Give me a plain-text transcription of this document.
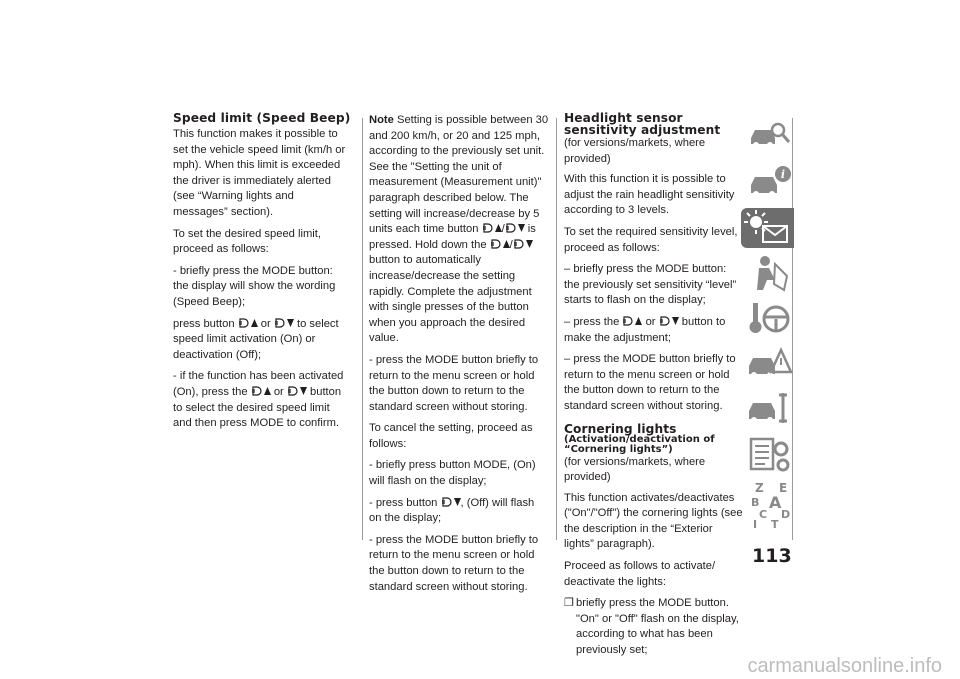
Speed limit (Speed Beep)

This function makes it possible to set the vehicle speed limit (km/h or mph). When this limit is exceeded the driver is immediately alerted (see “Warning lights and messages” section).

To set the desired speed limit, proceed as follows:

- briefly press the MODE button: the display will show the wording (Speed Beep);

press button or to select speed limit activation (On) or deactivation (Off);

- if the function has been activated (On), press the or button to select the desired speed limit and then press MODE to confirm.

Note Setting is possible between 30 and 200 km/h, or 20 and 125 mph, according to the previously set unit. See the "Setting the unit of measurement (Measurement unit)" paragraph described below. The setting will increase/decrease by 5 units each time button / is pressed. Hold down the /
button to automatically increase/decrease the setting rapidly. Complete the adjustment with single presses of the button when you approach the desired value.

- press the MODE button briefly to return to the menu screen or hold the button down to return to the standard screen without storing.

To cancel the setting, proceed as follows:

- briefly press button MODE, (On) will flash on the display;

- press button , (Off) will flash on the display;

- press the MODE button briefly to return to the menu screen or hold the button down to return to the standard screen without storing.

Headlight sensor sensitivity adjustment

(for versions/markets, where provided)

With this function it is possible to adjust the rain headlight sensitivity according to 3 levels.

To set the required sensitivity level, proceed as follows:

– briefly press the MODE button: the previously set sensitivity “level” starts to flash on the display;

– press the or button to make the adjustment;

– press the MODE button briefly to return to the menu screen or hold the button down to return to the standard screen without storing.

Cornering lights
(Activation/deactivation of “Cornering lights”)

(for versions/markets, where provided)

This function activates/deactivates ("On"/"Off") the cornering lights (see the description in the “Exterior lights” paragraph).

Proceed as follows to activate/ deactivate the lights:

❐ briefly press the MODE button. "On" or "Off" flash on the display, according to what has been previously set;
i
Z E
B A
C D
T
I
113
carmanualsonline.info
